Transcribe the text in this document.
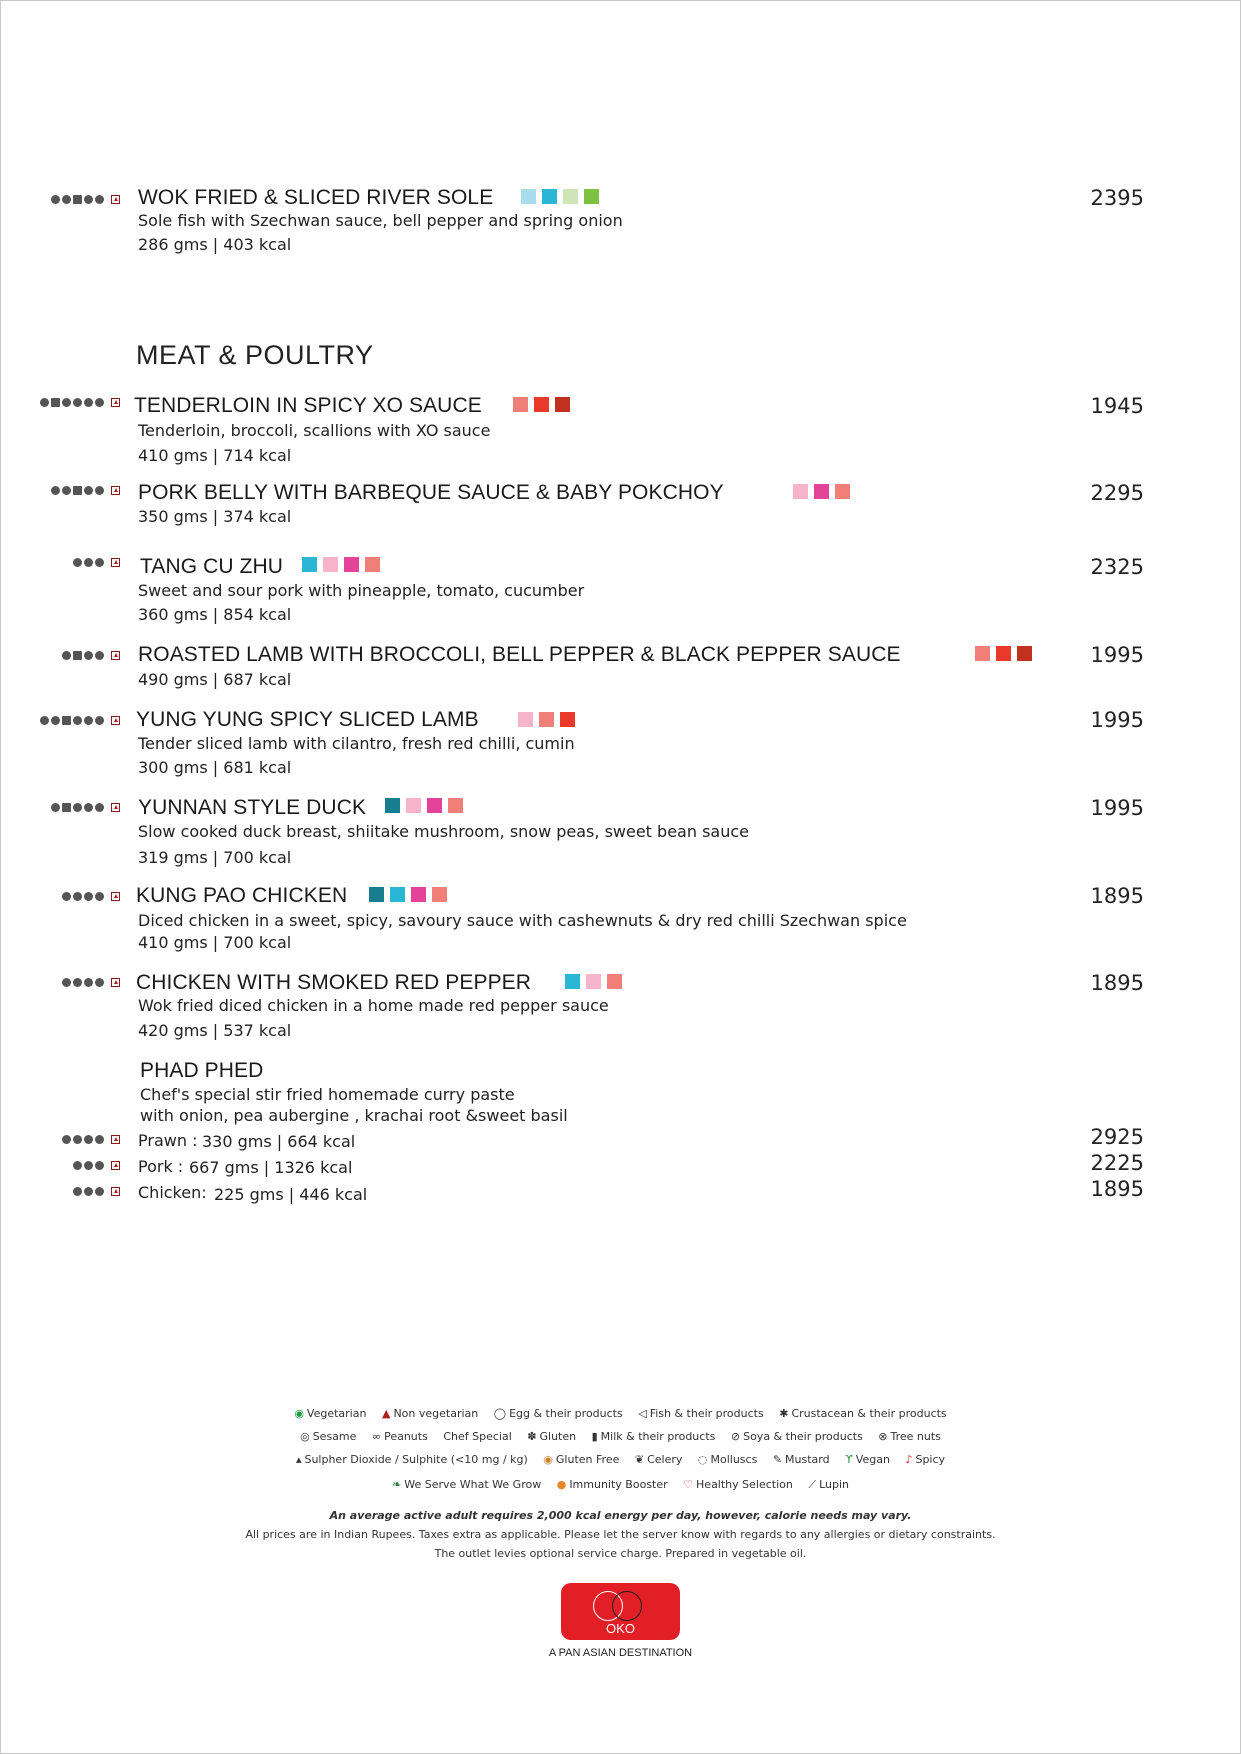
WOK FRIED & SLICED RIVER SOLE
Sole fish with Szechwan sauce, bell pepper and spring onion
286 gms | 403 kcal
2395
MEAT & POULTRY
TENDERLOIN IN SPICY XO SAUCE
Tenderloin, broccoli, scallions with XO sauce
410 gms | 714 kcal
1945
PORK BELLY WITH BARBEQUE SAUCE & BABY POKCHOY
350 gms | 374 kcal
2295
TANG CU ZHU
Sweet and sour pork with pineapple, tomato, cucumber
360 gms | 854 kcal
2325
ROASTED LAMB WITH BROCCOLI, BELL PEPPER & BLACK PEPPER SAUCE
490 gms | 687 kcal
1995
YUNG YUNG SPICY SLICED LAMB
Tender sliced lamb with cilantro, fresh red chilli, cumin
300 gms | 681 kcal
1995
YUNNAN STYLE DUCK
Slow cooked duck breast, shiitake mushroom, snow peas, sweet bean sauce
319 gms | 700 kcal
1995
KUNG PAO CHICKEN
Diced chicken in a sweet, spicy, savoury sauce with cashewnuts & dry red chilli Szechwan spice
410 gms | 700 kcal
1895
CHICKEN WITH SMOKED RED PEPPER
Wok fried diced chicken in a home made red pepper sauce
420 gms | 537 kcal
1895
PHAD PHED
Chef's special stir fried homemade curry paste
with onion, pea aubergine , krachai root &sweet basil
Prawn : 330 gms | 664 kcal	2925
Pork : 667 gms | 1326 kcal	2225
Chicken: 225 gms | 446 kcal	1895
◉ Vegetarian ▲ Non vegetarian ◯ Egg & their products ◁ Fish & their products ✱ Crustacean & their products
◎ Sesame ∞ Peanuts Chef Special ✽ Gluten ▮ Milk & their products ⊘ Soya & their products ⊗ Tree nuts
▴ Sulpher Dioxide / Sulphite (<10 mg / kg) ◉ Gluten Free ❦ Celery ◌ Molluscs ✎ Mustard ϒ Vegan ♪ Spicy
❧ We Serve What We Grow ● Immunity Booster ♡ Healthy Selection ⟋ Lupin
An average active adult requires 2,000 kcal energy per day, however, calorie needs may vary.
All prices are in Indian Rupees. Taxes extra as applicable. Please let the server know with regards to any allergies or dietary constraints.
The outlet levies optional service charge. Prepared in vegetable oil.
OKO
A PAN ASIAN DESTINATION
